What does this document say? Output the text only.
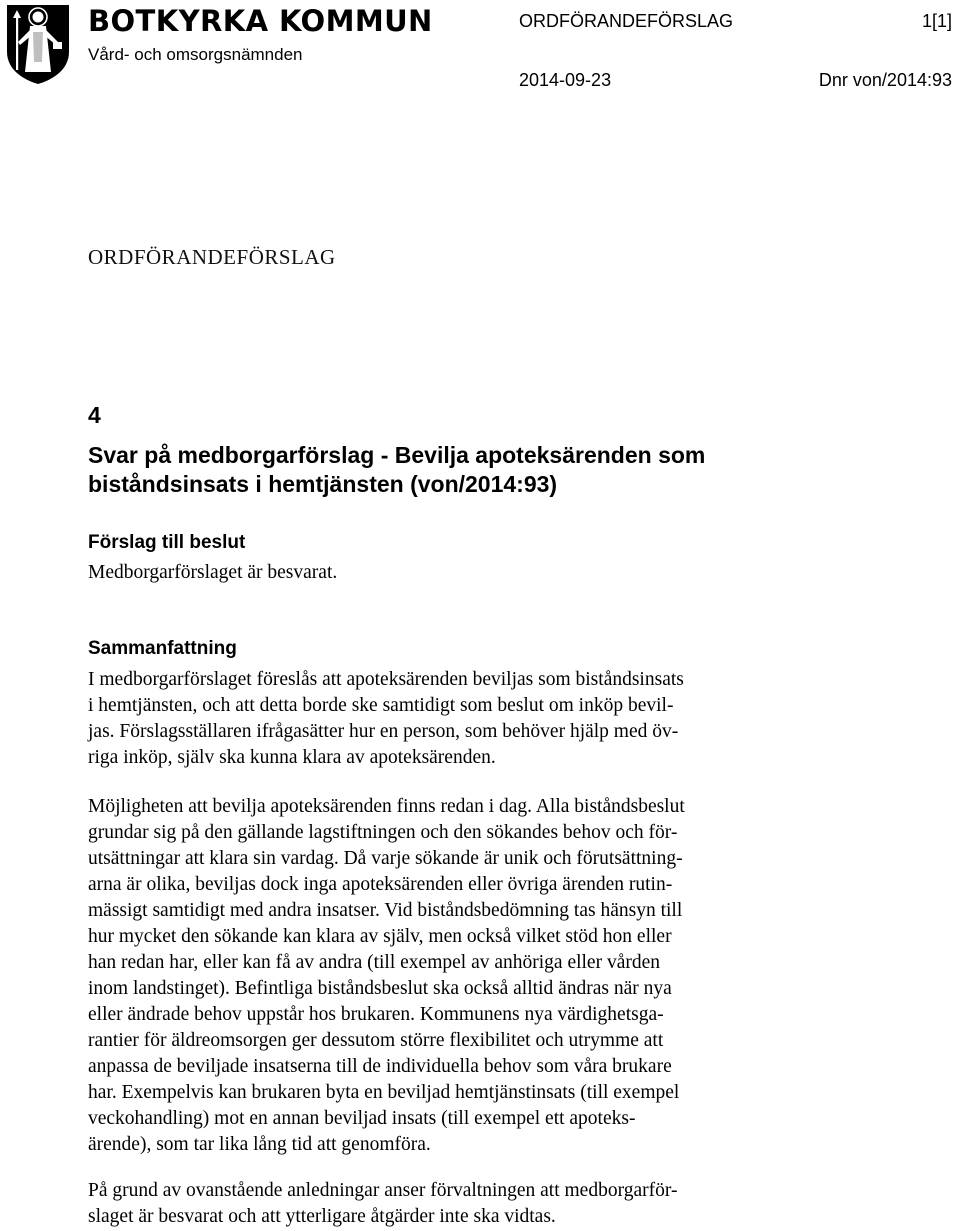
BOTKYRKA KOMMUN
Vård- och omsorgsnämnden
ORDFÖRANDEFÖRSLAG	1[1]
2014-09-23	Dnr von/2014:93
ORDFÖRANDEFÖRSLAG
4
Svar på medborgarförslag - Bevilja apoteksärenden som
biståndsinsats i hemtjänsten (von/2014:93)
Förslag till beslut
Medborgarförslaget är besvarat.
Sammanfattning
I medborgarförslaget föreslås att apoteksärenden beviljas som biståndsinsats
i hemtjänsten, och att detta borde ske samtidigt som beslut om inköp bevil-
jas. Förslagsställaren ifrågasätter hur en person, som behöver hjälp med öv-
riga inköp, själv ska kunna klara av apoteksärenden.
Möjligheten att bevilja apoteksärenden finns redan i dag. Alla biståndsbeslut
grundar sig på den gällande lagstiftningen och den sökandes behov och för-
utsättningar att klara sin vardag. Då varje sökande är unik och förutsättning-
arna är olika, beviljas dock inga apoteksärenden eller övriga ärenden rutin-
mässigt samtidigt med andra insatser. Vid biståndsbedömning tas hänsyn till
hur mycket den sökande kan klara av själv, men också vilket stöd hon eller
han redan har, eller kan få av andra (till exempel av anhöriga eller vården
inom landstinget). Befintliga biståndsbeslut ska också alltid ändras när nya
eller ändrade behov uppstår hos brukaren. Kommunens nya värdighetsga-
rantier för äldreomsorgen ger dessutom större flexibilitet och utrymme att
anpassa de beviljade insatserna till de individuella behov som våra brukare
har. Exempelvis kan brukaren byta en beviljad hemtjänstinsats (till exempel
veckohandling) mot en annan beviljad insats (till exempel ett apoteks-
ärende), som tar lika lång tid att genomföra.
På grund av ovanstående anledningar anser förvaltningen att medborgarför-
slaget är besvarat och att ytterligare åtgärder inte ska vidtas.
